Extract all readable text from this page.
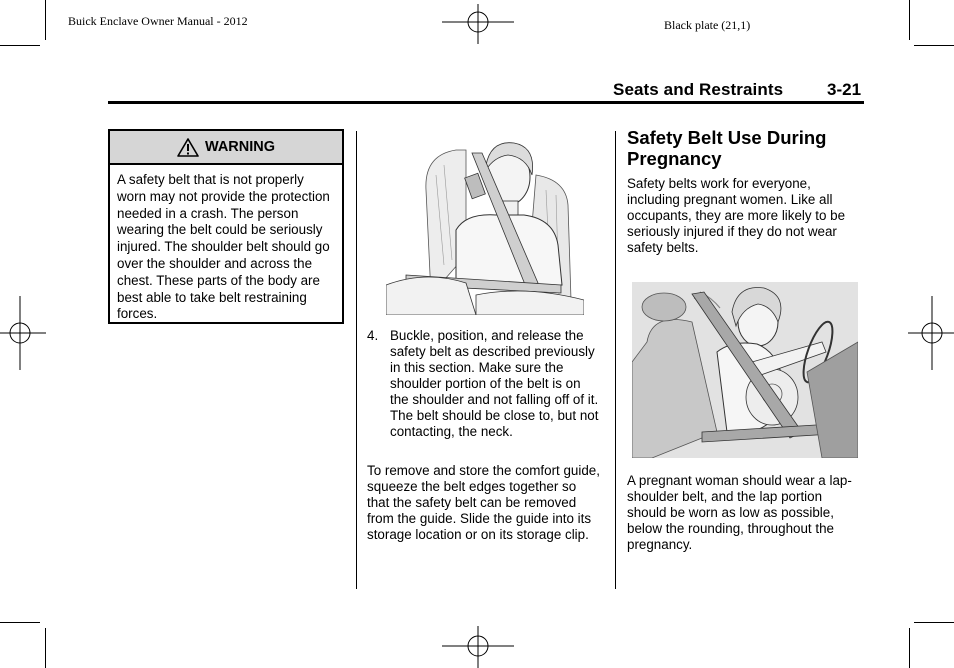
Buick Enclave Owner Manual - 2012	Black plate (21,1)
Seats and Restraints	3-21
WARNING
A safety belt that is not properly worn may not provide the protection needed in a crash. The person wearing the belt could be seriously injured. The shoulder belt should go over the shoulder and across the chest. These parts of the body are best able to take belt restraining forces.
4. Buckle, position, and release the safety belt as described previously in this section. Make sure the shoulder portion of the belt is on the shoulder and not falling off of it. The belt should be close to, but not contacting, the neck.
To remove and store the comfort guide, squeeze the belt edges together so that the safety belt can be removed from the guide. Slide the guide into its storage location or on its storage clip.
Safety Belt Use During Pregnancy
Safety belts work for everyone, including pregnant women. Like all occupants, they are more likely to be seriously injured if they do not wear safety belts.
A pregnant woman should wear a lap-shoulder belt, and the lap portion should be worn as low as possible, below the rounding, throughout the pregnancy.
